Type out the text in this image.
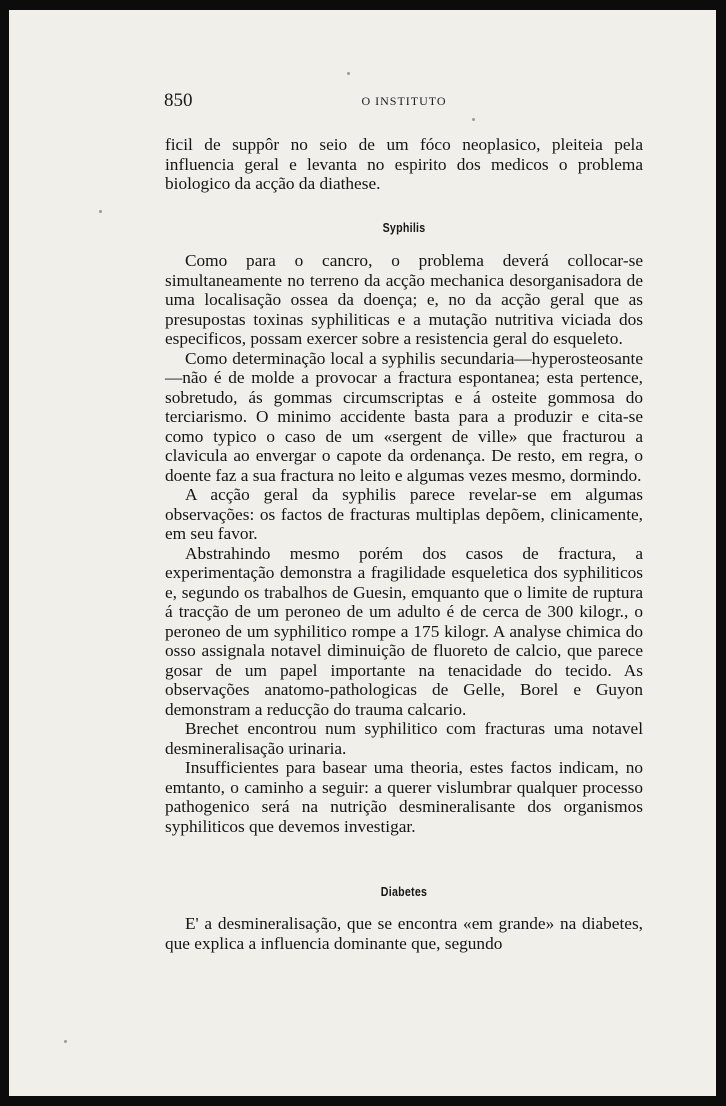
850	O INSTITUTO

ficil de suppôr no seio de um fóco neoplasico, pleiteia pela influencia geral e levanta no espirito dos medicos o problema biologico da acção da diathese.

Syphilis

Como para o cancro, o problema deverá collocar-se simultaneamente no terreno da acção mechanica desorganisadora de uma localisação ossea da doença; e, no da acção geral que as presupostas toxinas syphiliticas e a mutação nutritiva viciada dos especificos, possam exercer sobre a resistencia geral do esqueleto.

Como determinação local a syphilis secundaria—hyperosteosante—não é de molde a provocar a fractura espontanea; esta pertence, sobretudo, ás gommas circumscriptas e á osteite gommosa do terciarismo. O minimo accidente basta para a produzir e cita-se como typico o caso de um «sergent de ville» que fracturou a clavicula ao envergar o capote da ordenança. De resto, em regra, o doente faz a sua fractura no leito e algumas vezes mesmo, dormindo.

A acção geral da syphilis parece revelar-se em algumas observações: os factos de fracturas multiplas depõem, clinicamente, em seu favor.

Abstrahindo mesmo porém dos casos de fractura, a experimentação demonstra a fragilidade esqueletica dos syphiliticos e, segundo os trabalhos de Guesin, emquanto que o limite de ruptura á tracção de um peroneo de um adulto é de cerca de 300 kilogr., o peroneo de um syphilitico rompe a 175 kilogr. A analyse chimica do osso assignala notavel diminuição de fluoreto de calcio, que parece gosar de um papel importante na tenacidade do tecido. As observações anatomo-pathologicas de Gelle, Borel e Guyon demonstram a reducção do trauma calcario.

Brechet encontrou num syphilitico com fracturas uma notavel desmineralisação urinaria.

Insufficientes para basear uma theoria, estes factos indicam, no emtanto, o caminho a seguir: a querer vislumbrar qualquer processo pathogenico será na nutrição desmineralisante dos organismos syphiliticos que devemos investigar.

Diabetes

E' a desmineralisação, que se encontra «em grande» na diabetes, que explica a influencia dominante que, segundo
